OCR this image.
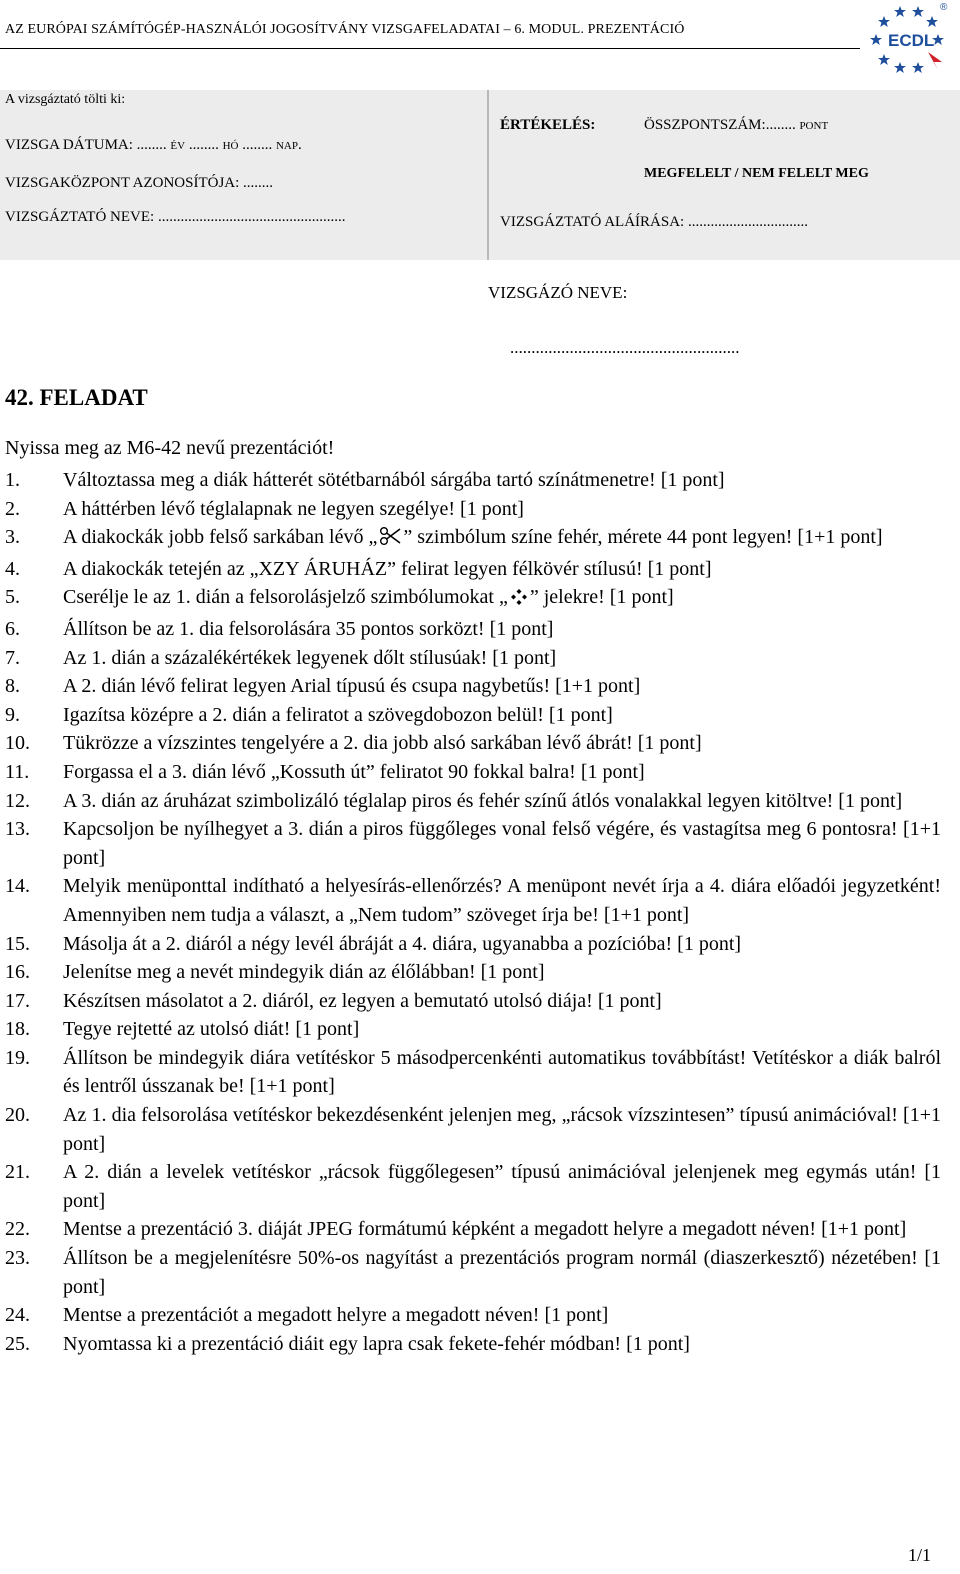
AZ EURÓPAI SZÁMÍTÓGÉP-HASZNÁLÓI JOGOSÍTVÁNY VIZSGAFELADATAI – 6. MODUL. PREZENTÁCIÓ
ECDL
®
A vizsgáztató tölti ki:
VIZSGA DÁTUMA: ........ év ........ hó ........ nap.
VIZSGAKÖZPONT AZONOSÍTÓJA: ........
VIZSGÁZTATÓ NEVE: ..................................................
ÉRTÉKELÉS:	ÖSSZPONTSZÁM:........ pont
MEGFELELT / NEM FELELT MEG
VIZSGÁZTATÓ ALÁÍRÁSA: ................................
VIZSGÁZÓ NEVE:
......................................................
42. FELADAT
Nyissa meg az M6-42 nevű prezentációt!
1.	Változtassa meg a diák hátterét sötétbarnából sárgába tartó színátmenetre! [1 pont]
2.	A háttérben lévő téglalapnak ne legyen szegélye! [1 pont]
3.	A diakockák jobb felső sarkában lévő „ ” szimbólum színe fehér, mérete 44 pont legyen! [1+1 pont]
4.	A diakockák tetején az „XZY ÁRUHÁZ” felirat legyen félkövér stílusú! [1 pont]
5.	Cserélje le az 1. dián a felsorolásjelző szimbólumokat „ ” jelekre! [1 pont]
6.	Állítson be az 1. dia felsorolására 35 pontos sorközt! [1 pont]
7.	Az 1. dián a százalékértékek legyenek dőlt stílusúak! [1 pont]
8.	A 2. dián lévő felirat legyen Arial típusú és csupa nagybetűs! [1+1 pont]
9.	Igazítsa középre a 2. dián a feliratot a szövegdobozon belül! [1 pont]
10.	Tükrözze a vízszintes tengelyére a 2. dia jobb alsó sarkában lévő ábrát! [1 pont]
11.	Forgassa el a 3. dián lévő „Kossuth út” feliratot 90 fokkal balra! [1 pont]
12.	A 3. dián az áruházat szimbolizáló téglalap piros és fehér színű átlós vonalakkal legyen kitöltve! [1 pont]
13.	Kapcsoljon be nyílhegyet a 3. dián a piros függőleges vonal felső végére, és vastagítsa meg 6 pontosra! [1+1 pont]
14.	Melyik menüponttal indítható a helyesírás-ellenőrzés? A menüpont nevét írja a 4. diára előadói jegyzetként! Amennyiben nem tudja a választ, a „Nem tudom” szöveget írja be! [1+1 pont]
15.	Másolja át a 2. diáról a négy levél ábráját a 4. diára, ugyanabba a pozícióba! [1 pont]
16.	Jelenítse meg a nevét mindegyik dián az élőlábban! [1 pont]
17.	Készítsen másolatot a 2. diáról, ez legyen a bemutató utolsó diája! [1 pont]
18.	Tegye rejtetté az utolsó diát! [1 pont]
19.	Állítson be mindegyik diára vetítéskor 5 másodpercenkénti automatikus továbbítást! Vetítéskor a diák balról és lentről ússzanak be! [1+1 pont]
20.	Az 1. dia felsorolása vetítéskor bekezdésenként jelenjen meg, „rácsok vízszintesen” típusú animációval! [1+1 pont]
21.	A 2. dián a levelek vetítéskor „rácsok függőlegesen” típusú animációval jelenjenek meg egymás után! [1 pont]
22.	Mentse a prezentáció 3. diáját JPEG formátumú képként a megadott helyre a megadott néven! [1+1 pont]
23.	Állítson be a megjelenítésre 50%-os nagyítást a prezentációs program normál (diaszerkesztő) nézetében! [1 pont]
24.	Mentse a prezentációt a megadott helyre a megadott néven! [1 pont]
25.	Nyomtassa ki a prezentáció diáit egy lapra csak fekete-fehér módban! [1 pont]
1/1
